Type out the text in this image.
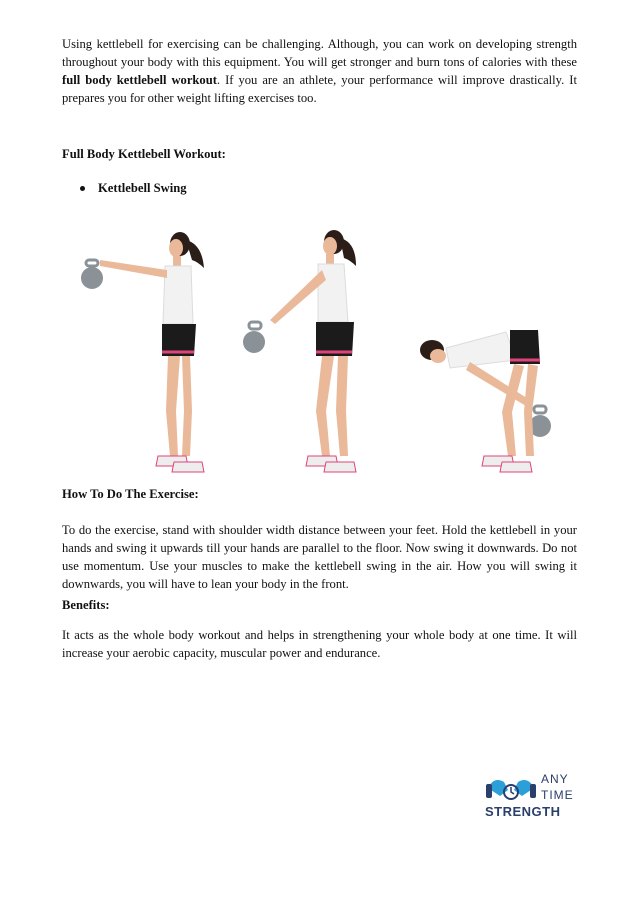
Using kettlebell for exercising can be challenging. Although, you can work on developing strength throughout your body with this equipment. You will get stronger and burn tons of calories with these full body kettlebell workout. If you are an athlete, your performance will improve drastically. It prepares you for other weight lifting exercises too.

Full Body Kettlebell Workout:

Kettlebell Swing

How To Do The Exercise:

To do the exercise, stand with shoulder width distance between your feet. Hold the kettlebell in your hands and swing it upwards till your hands are parallel to the floor. Now swing it downwards. Do not use momentum. Use your muscles to make the kettlebell swing in the air. How you will swing it downwards, you will have to lean your body in the front.

Benefits:

It acts as the whole body workout and helps in strengthening your whole body at one time. It will increase your aerobic capacity, muscular power and endurance.

ANY
TIME
STRENGTH
